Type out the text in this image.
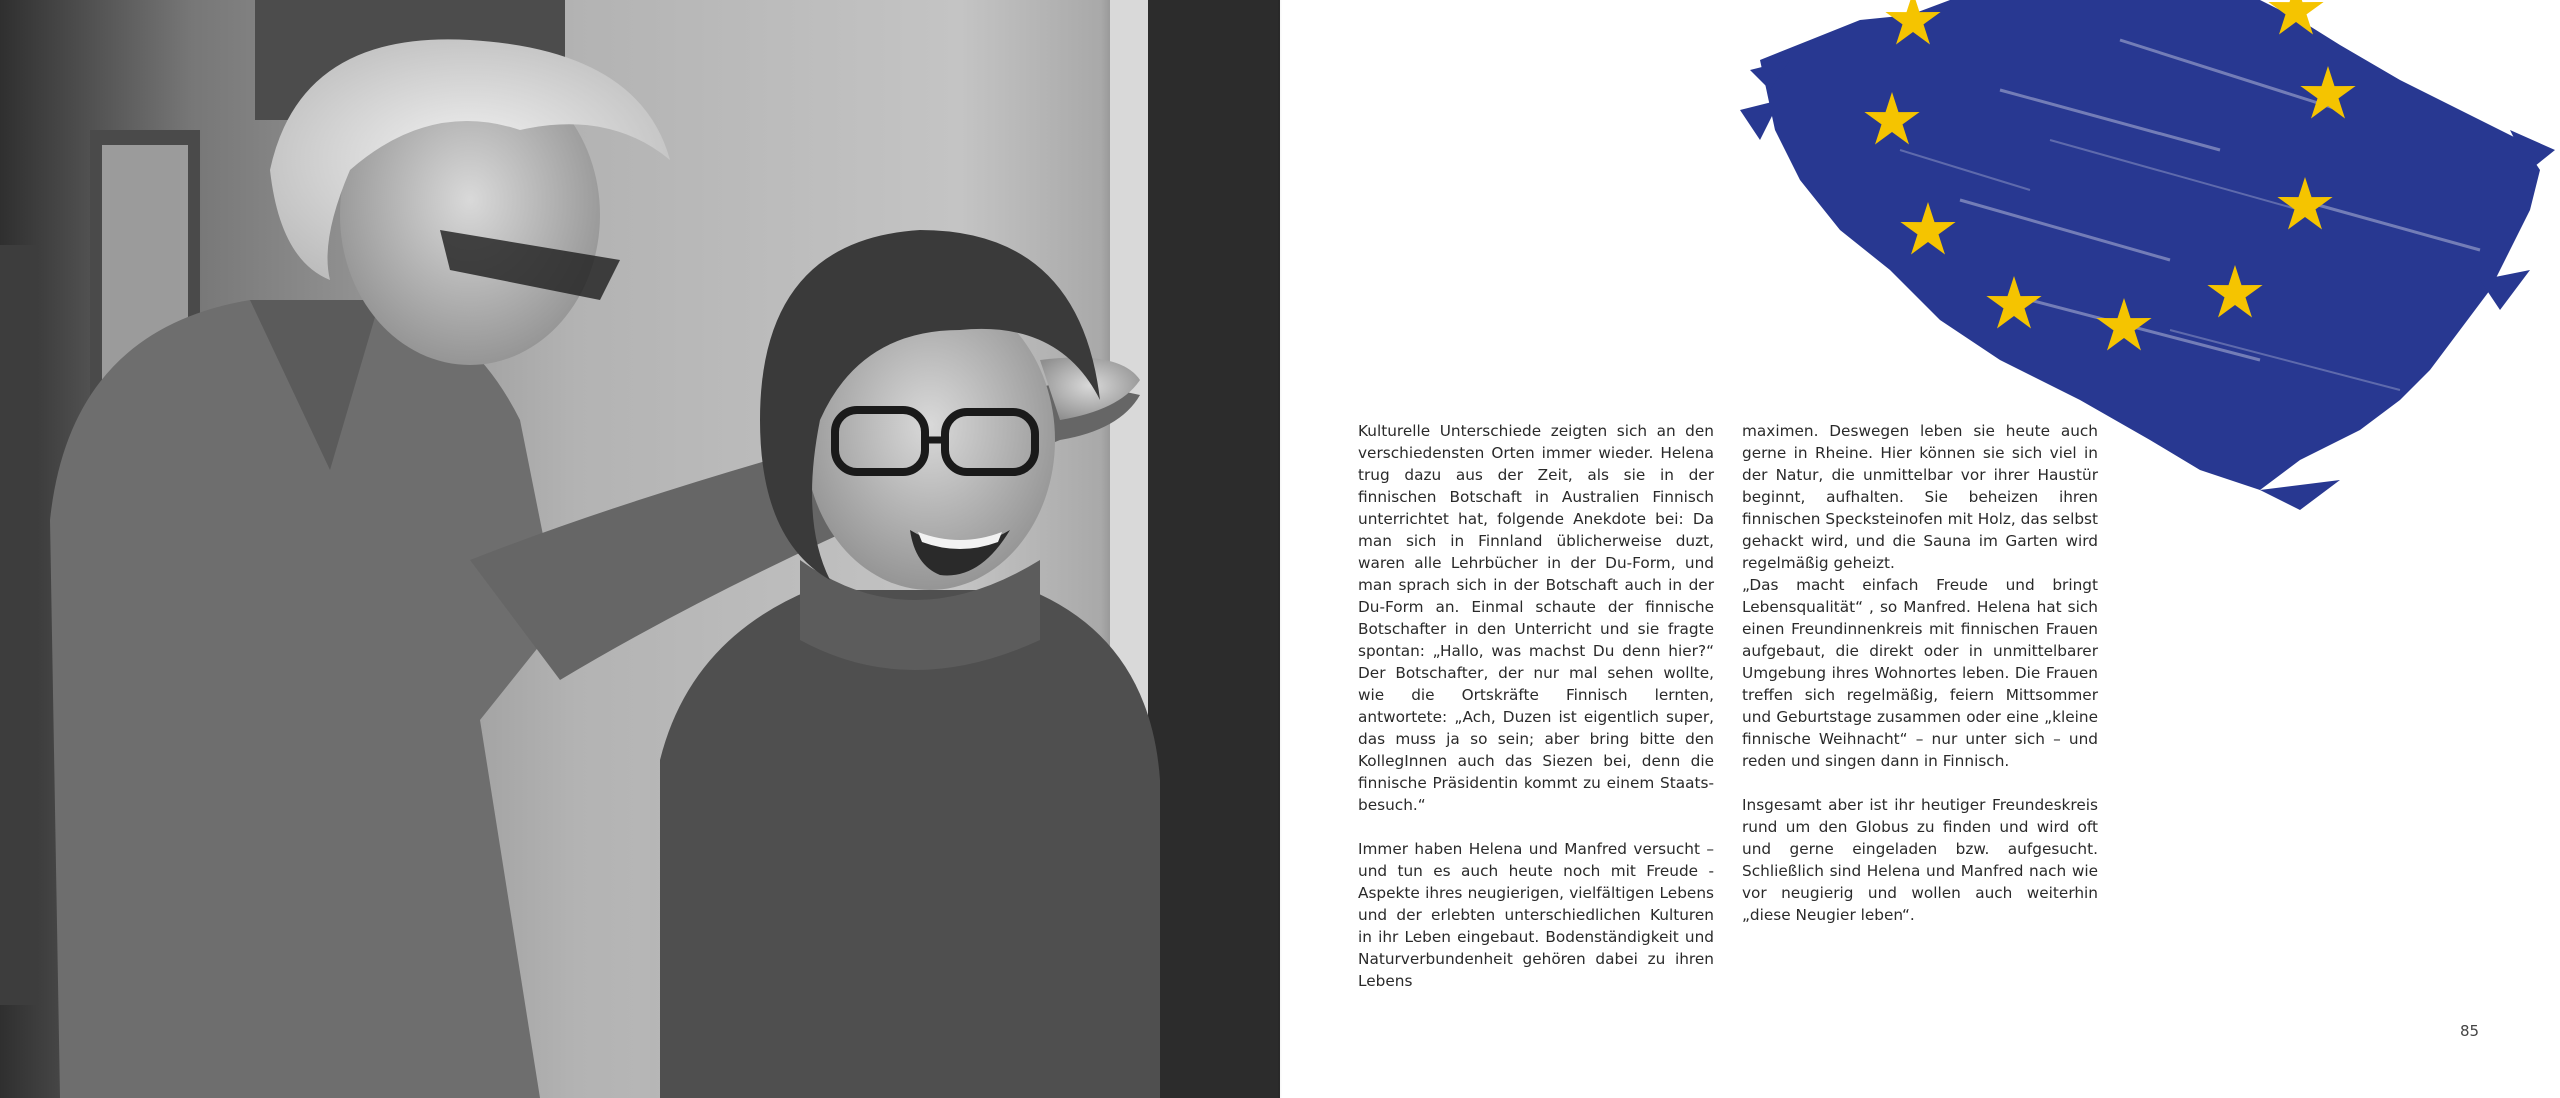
Kulturelle Unterschiede zeigten sich an den verschiedensten Orten immer wieder. Helena trug dazu aus der Zeit, als sie in der finnischen Botschaft in Australien Finnisch unterrichtet hat, folgende Anekdote bei: Da man sich in Finnland üblicherweise duzt, waren alle Lehrbücher in der Du-Form, und man sprach sich in der Botschaft auch in der Du-Form an. Einmal schaute der finnische Botschafter in den Unterricht und sie fragte spontan: „Hallo, was machst Du denn hier?“ Der Botschafter, der nur mal sehen wollte, wie die Ortskräfte Finnisch lernten, antwortete: „Ach, Duzen ist eigentlich super, das muss ja so sein; aber bring bitte den KollegInnen auch das Siezen bei, denn die finnische Präsidentin kommt zu einem Staatsbesuch.“

Immer haben Helena und Manfred versucht – und tun es auch heute noch mit Freude - Aspekte ihres neugierigen, vielfältigen Lebens und der erlebten unterschiedlichen Kulturen in ihr Leben eingebaut. Bodenständigkeit und Naturverbundenheit gehören dabei zu ihren Lebens

maximen. Deswegen leben sie heute auch gerne in Rheine. Hier können sie sich viel in der Natur, die unmittelbar vor ihrer Haustür beginnt, aufhalten. Sie beheizen ihren finnischen Specksteinofen mit Holz, das selbst gehackt wird, und die Sauna im Garten wird regelmäßig geheizt.

„Das macht einfach Freude und bringt Lebensqualität“ , so Manfred. Helena hat sich einen Freundinnenkreis mit finnischen Frauen aufgebaut, die direkt oder in unmittelbarer Umgebung ihres Wohnortes leben. Die Frauen treffen sich regelmäßig, feiern Mittsommer und Geburtstage zusammen oder eine „kleine finnische Weihnacht“ – nur unter sich – und reden und singen dann in Finnisch.

Insgesamt aber ist ihr heutiger Freundeskreis rund um den Globus zu finden und wird oft und gerne eingeladen bzw. aufgesucht. Schließlich sind Helena und Manfred nach wie vor neugierig und wollen auch weiterhin „diese Neugier leben“.

85
